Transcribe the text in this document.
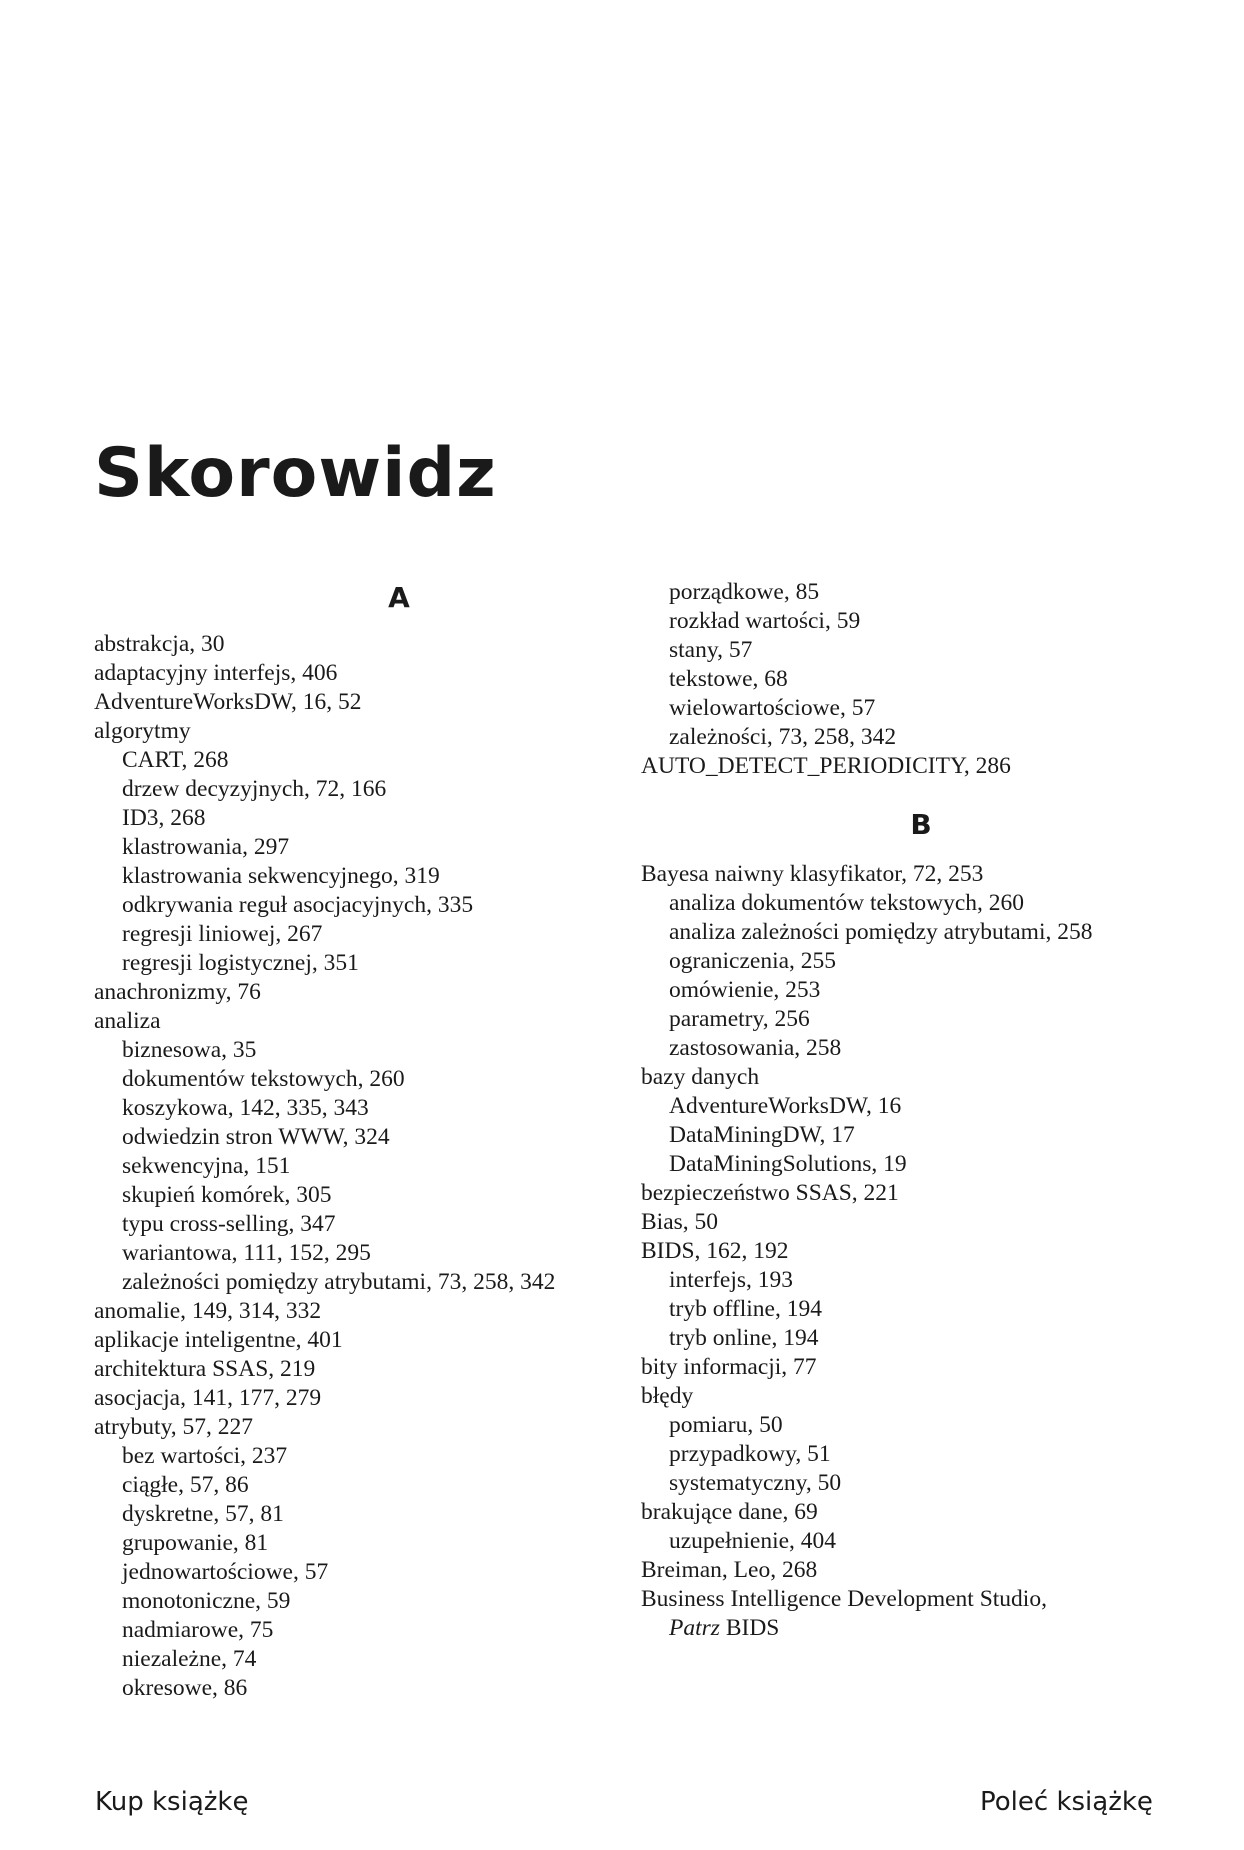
Skorowidz
A

abstrakcja, 30

adaptacyjny interfejs, 406

AdventureWorksDW, 16, 52

algorytmy

CART, 268

drzew decyzyjnych, 72, 166

ID3, 268

klastrowania, 297

klastrowania sekwencyjnego, 319

odkrywania reguł asocjacyjnych, 335

regresji liniowej, 267

regresji logistycznej, 351

anachronizmy, 76

analiza

biznesowa, 35

dokumentów tekstowych, 260

koszykowa, 142, 335, 343

odwiedzin stron WWW, 324

sekwencyjna, 151

skupień komórek, 305

typu cross-selling, 347

wariantowa, 111, 152, 295

zależności pomiędzy atrybutami, 73, 258, 342

anomalie, 149, 314, 332

aplikacje inteligentne, 401

architektura SSAS, 219

asocjacja, 141, 177, 279

atrybuty, 57, 227

bez wartości, 237

ciągłe, 57, 86

dyskretne, 57, 81

grupowanie, 81

jednowartościowe, 57

monotoniczne, 59

nadmiarowe, 75

niezależne, 74

okresowe, 86

porządkowe, 85

rozkład wartości, 59

stany, 57

tekstowe, 68

wielowartościowe, 57

zależności, 73, 258, 342

AUTO_DETECT_PERIODICITY, 286

B

Bayesa naiwny klasyfikator, 72, 253

analiza dokumentów tekstowych, 260

analiza zależności pomiędzy atrybutami, 258

ograniczenia, 255

omówienie, 253

parametry, 256

zastosowania, 258

bazy danych

AdventureWorksDW, 16

DataMiningDW, 17

DataMiningSolutions, 19

bezpieczeństwo SSAS, 221

Bias, 50

BIDS, 162, 192

interfejs, 193

tryb offline, 194

tryb online, 194

bity informacji, 77

błędy

pomiaru, 50

przypadkowy, 51

systematyczny, 50

brakujące dane, 69

uzupełnienie, 404

Breiman, Leo, 268

Business Intelligence Development Studio,

Patrz BIDS

Kup książkę	Poleć książkę
